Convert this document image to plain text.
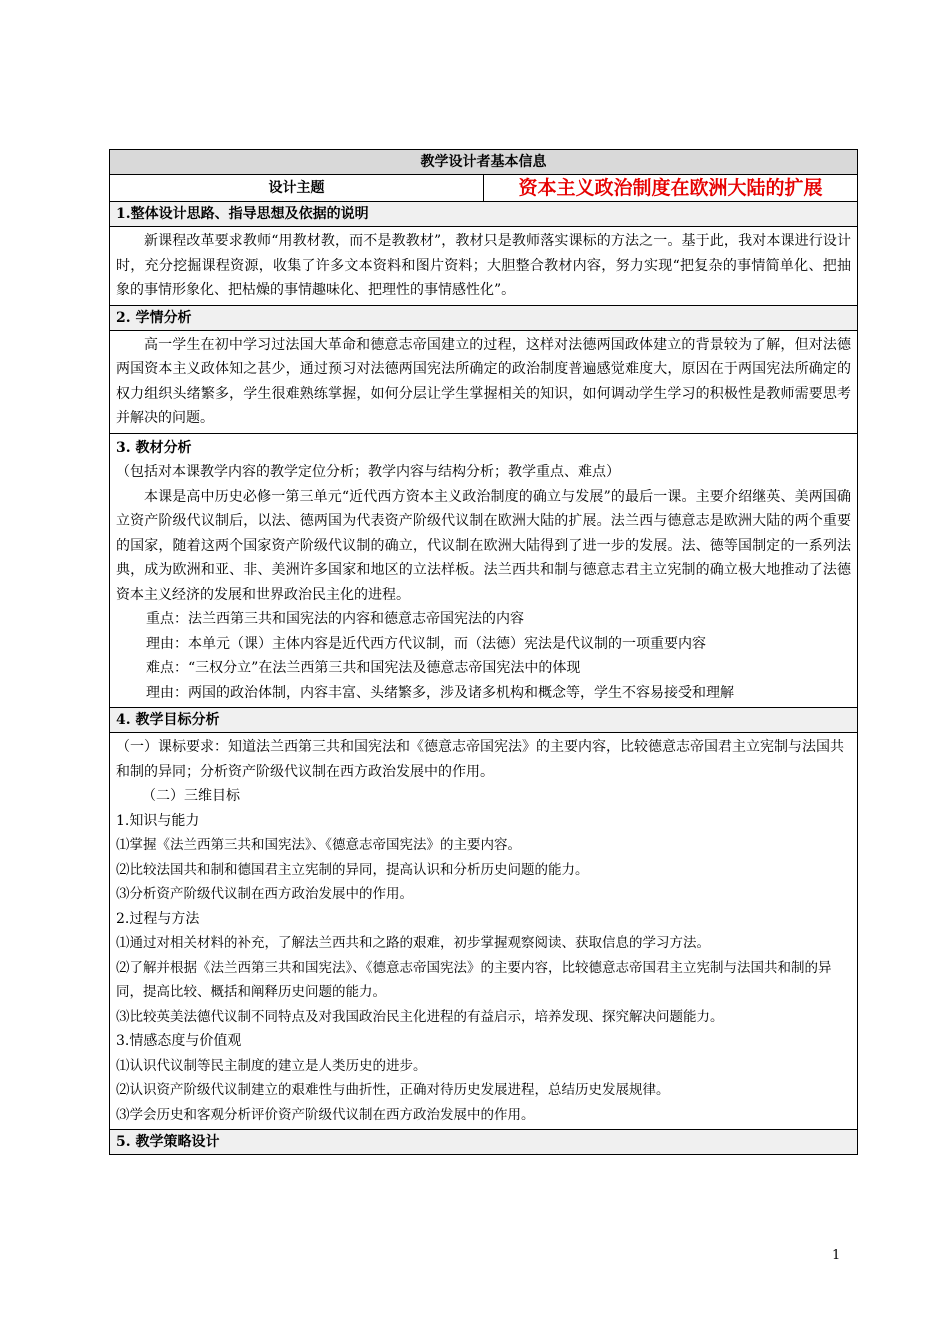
教学设计者基本信息
设计主题	资本主义政治制度在欧洲大陆的扩展
1.整体设计思路、指导思想及依据的说明

新课程改革要求教师“用教材教，而不是教教材”，教材只是教师落实课标的方法之一。基于此，我对本课进行设计时，充分挖掘课程资源，收集了许多文本资料和图片资料；大胆整合教材内容，努力实现“把复杂的事情简单化、把抽象的事情形象化、把枯燥的事情趣味化、把理性的事情感性化”。

2. 学情分析

高一学生在初中学习过法国大革命和德意志帝国建立的过程，这样对法德两国政体建立的背景较为了解，但对法德两国资本主义政体知之甚少，通过预习对法德两国宪法所确定的政治制度普遍感觉难度大，原因在于两国宪法所确定的权力组织头绪繁多，学生很难熟练掌握，如何分层让学生掌握相关的知识，如何调动学生学习的积极性是教师需要思考并解决的问题。

3. 教材分析

（包括对本课教学内容的教学定位分析；教学内容与结构分析；教学重点、难点）

本课是高中历史必修一第三单元“近代西方资本主义政治制度的确立与发展”的最后一课。主要介绍继英、美两国确立资产阶级代议制后，以法、德两国为代表资产阶级代议制在欧洲大陆的扩展。法兰西与德意志是欧洲大陆的两个重要的国家，随着这两个国家资产阶级代议制的确立，代议制在欧洲大陆得到了进一步的发展。法、德等国制定的一系列法典，成为欧洲和亚、非、美洲许多国家和地区的立法样板。法兰西共和制与德意志君主立宪制的确立极大地推动了法德资本主义经济的发展和世界政治民主化的进程。

重点：法兰西第三共和国宪法的内容和德意志帝国宪法的内容

理由：本单元（课）主体内容是近代西方代议制，而（法德）宪法是代议制的一项重要内容

难点：“三权分立”在法兰西第三共和国宪法及德意志帝国宪法中的体现

理由：两国的政治体制，内容丰富、头绪繁多，涉及诸多机构和概念等，学生不容易接受和理解

4. 教学目标分析

（一）课标要求：知道法兰西第三共和国宪法和《德意志帝国宪法》的主要内容，比较德意志帝国君主立宪制与法国共和制的异同；分析资产阶级代议制在西方政治发展中的作用。

（二）三维目标

1.知识与能力

⑴掌握《法兰西第三共和国宪法》、《德意志帝国宪法》的主要内容。

⑵比较法国共和制和德国君主立宪制的异同，提高认识和分析历史问题的能力。

⑶分析资产阶级代议制在西方政治发展中的作用。

2.过程与方法

⑴通过对相关材料的补充，了解法兰西共和之路的艰难，初步掌握观察阅读、获取信息的学习方法。

⑵了解并根据《法兰西第三共和国宪法》、《德意志帝国宪法》的主要内容，比较德意志帝国君主立宪制与法国共和制的异同，提高比较、概括和阐释历史问题的能力。

⑶比较英美法德代议制不同特点及对我国政治民主化进程的有益启示，培养发现、探究解决问题能力。

3.情感态度与价值观

⑴认识代议制等民主制度的建立是人类历史的进步。

⑵认识资产阶级代议制建立的艰难性与曲折性，正确对待历史发展进程，总结历史发展规律。

⑶学会历史和客观分析评价资产阶级代议制在西方政治发展中的作用。

5. 教学策略设计
1
